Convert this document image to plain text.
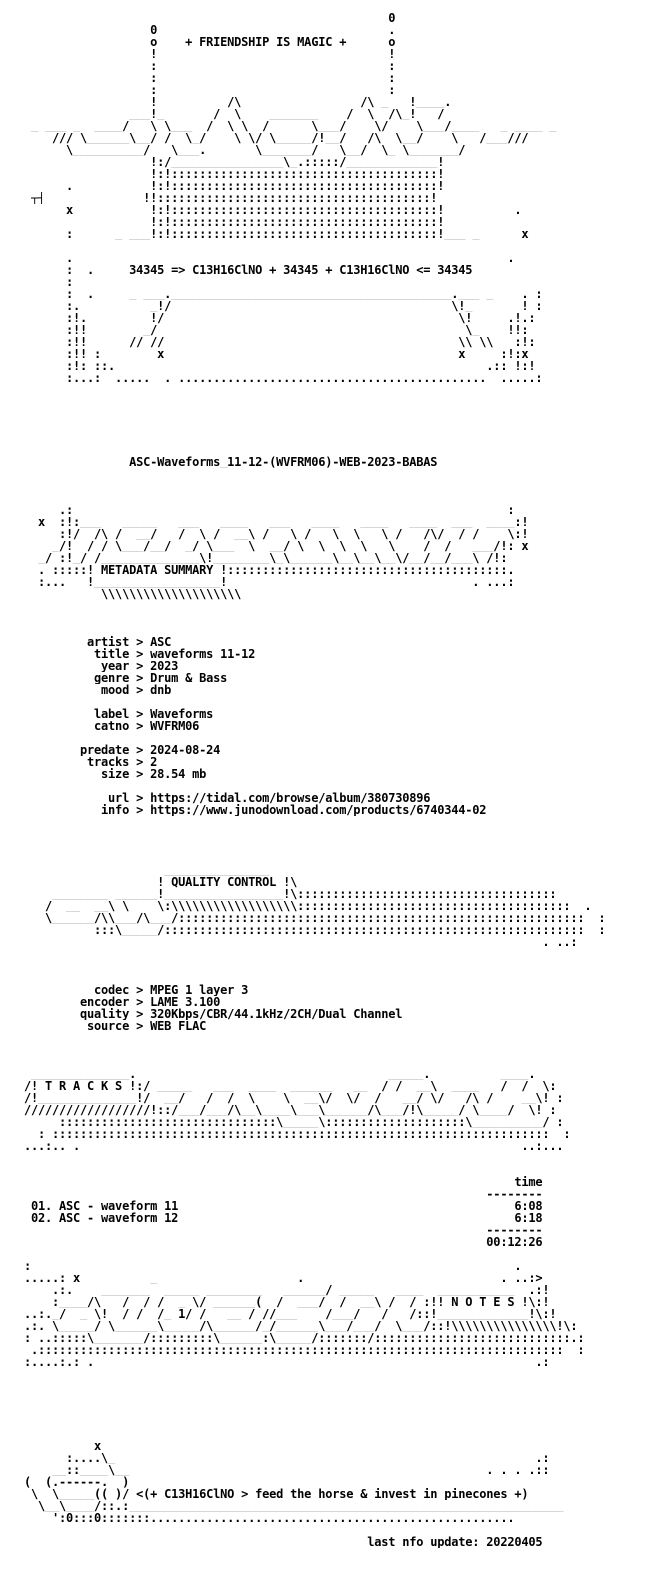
0
0                                 .
o    + FRIENDSHIP IS MAGIC +      o
!                                 !
:                                 :
:                                 :
:                                 :
!          /\                 /\ _   !____.
___!_       /  \    _______    /  \  /\_!   /
_ ___ _  ____/   \ \___  /  \ \  /      \___/    \/    \___/____   _ ____ _
/// \______\__/ /  \_/    \ \/ \_____/!__/   /\  \__/    \   /___///
\__________/   \___.       \_______/   \__/  \_ \_______/
!:/________________\_.:::::/_____________!
!:!::::::::::::::::::::::::::::::::::::::!
.           !:!::::::::::::::::::::::::::::::::::::::!
┬┤              !!:::::::::::::::::::::::::::::::::::::::!
x           !:!::::::::::::::::::::::::::::::::::::::!          .
!:!::::::::::::::::::::::::::::::::::::::!
:      _ ___!:!::::::::::::::::::::::::::::::::::::::!___ _      x
.                                                              .
:  .     34345 => C13H16ClNO + 34345 + C13H16ClNO <= 34345
:
:  .     _ ___.________________________________________.___ _    . :
:.          _!/                                        \!_       ! :
:!.         !/                                          \!     .!.:
:!!        _/                                            \_    !!:
:!!      // //                                          \\ \\   :!:
:!! :        x                                          x     :!:x
:!: ::.                                                     .:: !:!
:...:  .....  . ............................................  .....:
ASC-Waveforms_11-12-(WVFRM06)-WEB-2023-BABAS
.:                                                              :
x  :!:___   _____   ___   ____   ___   ____   ____   ____  ___  ____:!
:!/  /\ /  __/   /  \ /  __\ /   \ /   \  \   \ /   /\/  / /    \:!
_/!  / / \___/__/  _/ \___  \  __/ \  \  \  \   \    /  /   ___/!: x
_/ :!_/ /______________\!________\_\______\__\__\__\/__/__/___\ /!:
. :::::! METADATA SUMMARY !::::::::::::::::::::::::::::::::::::::::.
:...   !__________________!                                   . ...:
\\\\\\\\\\\\\\\\\\\\
artist > ASC
title > waveforms 11-12
year > 2023
genre > Drum & Bass
mood > dnb
label > Waveforms
catno > WVFRM06
predate > 2024-08-24
tracks > 2
size > 28.54 mb
url > https://tidal.com/browse/album/380730896
info > https://www.junodownload.com/products/6740344-02
_______________
! QUALITY CONTROL !\
________ ______!_________________!\:::::::::::::::::::::::::::::::::::::
/  __  __\ \    \:\\\\\\\\\\\\\\\\\\:::::::::::::::::::::::::::::::::::::::  .
\______/\\___/\___/::::::::::::::::::::::::::::::::::::::::::::::::::::::::::  :
:::\_____/::::::::::::::::::::::::::::::::::::::::::::::::::::::::::::  :
. ..:
codec > MPEG 1 layer 3
encoder > LAME 3.100
quality > 320Kbps/CBR/44.1kHz/2CH/Dual Channel
source > WEB FLAC
______________.                                    _____.          ____.
/! T R A C K S !:/ _____   ___  ____  ______   __  / /  __\  ____   /  /  \:
/!______________!/  __/   /  /  \    \  __\/  \/  /   __/ \/   /\ /    __\! :
//////////////////!::/___/___/\__\____\___\______/\___/!\_____/ \____/  \! :
:::::::::::::::::::::::::::::::\_____\::::::::::::::::::::\__________/ :
: :::::::::::::::::::::::::::::::::::::::::::::::::::::::::::::::::::::::  :
...:.. .                                                               ..:...
time
--------
01. ASC - waveform 11                                                6:08
02. ASC - waveform 12                                                6:18
--------
00:12:26
:                                                                     .
.....: x          _                    .                            . ..:>
.:.    _______  _____ ________   ______/ _____   ____  ___________  .:!
:____/\   /  / /  _ \/ ______(  /  ___/  /  __\ /  / :!! N O T E S !\:!
..:._/  _ \!  / /  /_ 1/ /   __ / //___    /___/   /   /::!_____________!\:!
.:. \_____/ \______\_____/\______/_/______\___/___/  \___/::!\\\\\\\\\\\\\\\!\:
: ..:::::\_______/:::::::::\______:\_____/:::::::/::::::::::::::::::::::::::::.:
.:::::::::::::::::::::::::::::::::::::::::::::::::::::::::::::::::::::::::::  :
:....:.: .                                                               .:
x
:....\_                                                            .:
__::____\__                                                   . . . .::
(  (.------.  )
\  \_____(( )/ <(+ C13H16ClNO > feed the horse & invest in pinecones +)
\__\____/::.:______________________________________________________________
':0:::0:::::::....................................................
last nfo update: 20220405
